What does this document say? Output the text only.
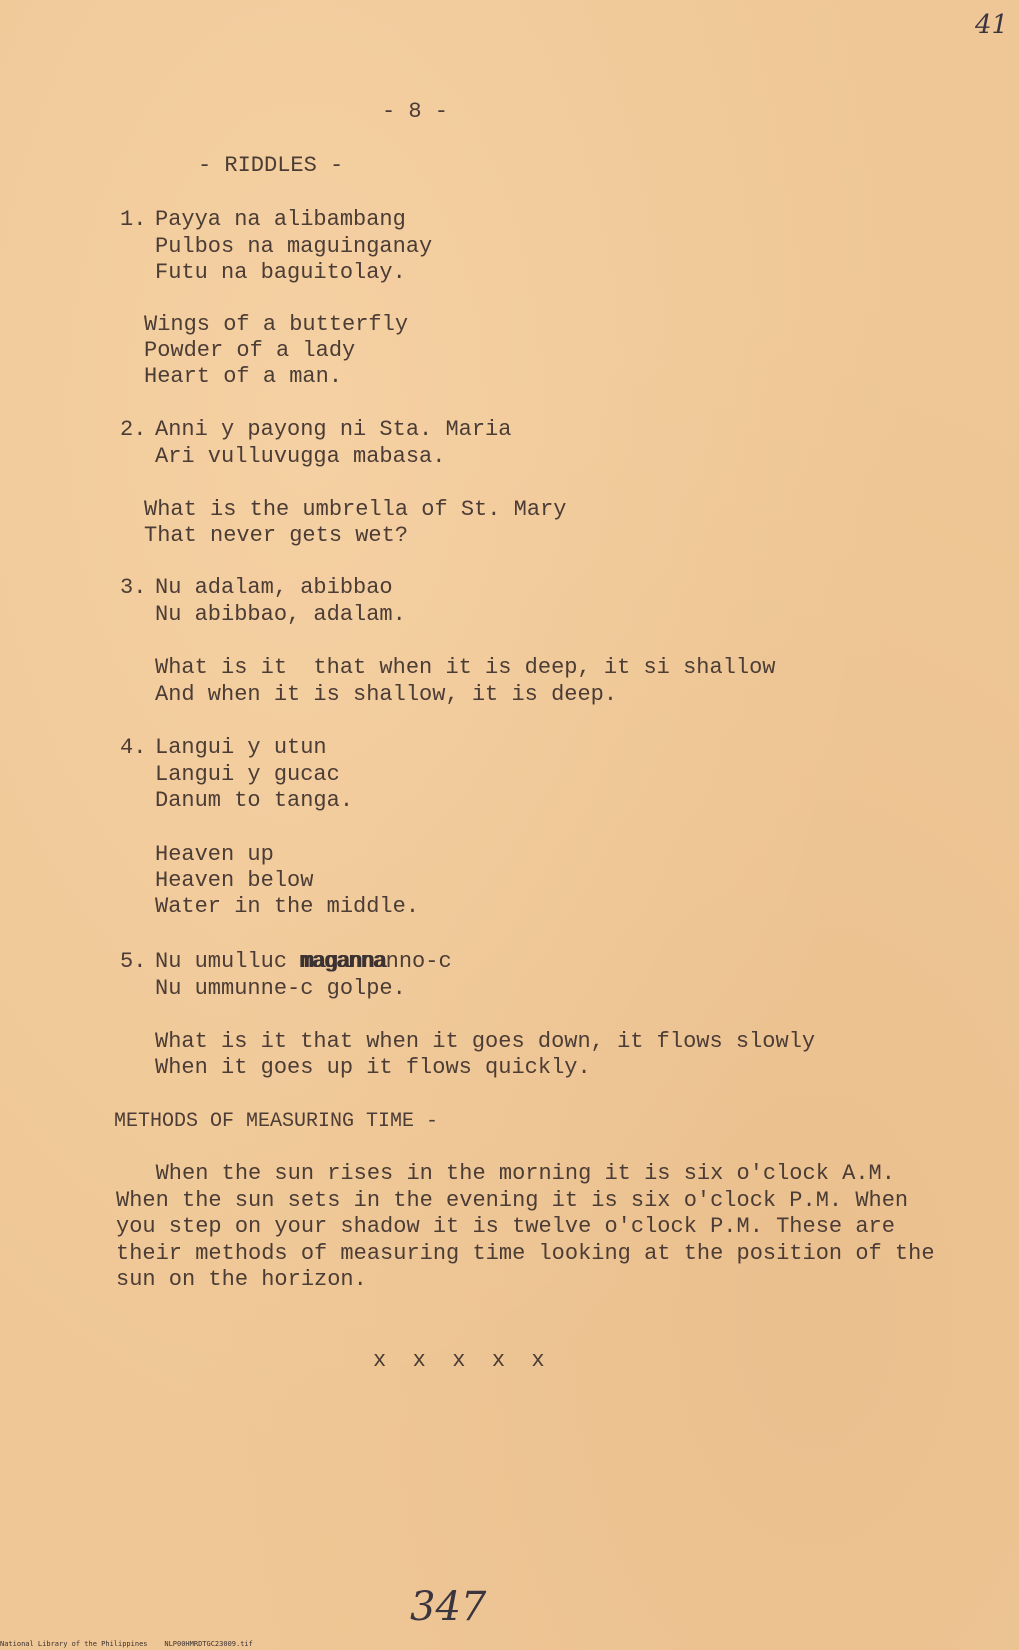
41
- 8 -
- RIDDLES -
1. Payya na alibambang
Pulbos na maguinganay
Futu na baguitolay.
Wings of a butterfly
Powder of a lady
Heart of a man.
2. Anni y payong ni Sta. Maria
Ari vulluvugga mabasa.
What is the umbrella of St. Mary
That never gets wet?
3. Nu adalam, abibbao
Nu abibbao, adalam.
What is it  that when it is deep, it si shallow
And when it is shallow, it is deep.
4. Langui y utun
Langui y gucac
Danum to tanga.
Heaven up
Heaven below
Water in the middle.
5. Nu umulluc magannanno-c
Nu ummunne-c golpe.
What is it that when it goes down, it flows slowly
When it goes up it flows quickly.
METHODS OF MEASURING TIME -
When the sun rises in the morning it is six o'clock A.M.
When the sun sets in the evening it is six o'clock P.M. When
you step on your shadow it is twelve o'clock P.M. These are
their methods of measuring time looking at the position of the
sun on the horizon.
x  x  x  x  x
347
National Library of the Philippines    NLP00HMRDTGC23009.tif
